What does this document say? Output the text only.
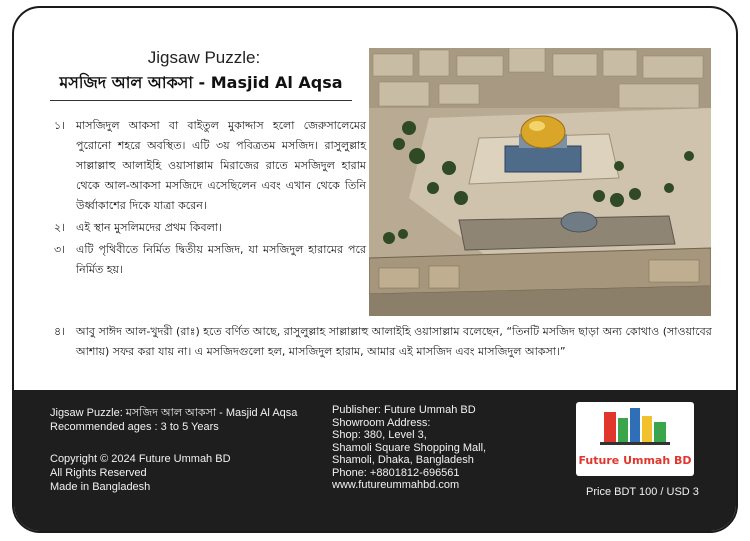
Jigsaw Puzzle:
মসজিদ আল আকসা - Masjid Al Aqsa
১। মাসজিদুল আকসা বা বাইতুল মুকাদ্দাস হলো জেরুসালেমের পুরোনো শহরে অবস্থিত। এটি ৩য় পবিত্রতম মসজিদ। রাসুলুল্লাহ সাল্লাল্লাহু আলাইহি ওয়াসাল্লাম মিরাজের রাতে মসজিদুল হারাম থেকে আল-আকসা মসজিদে এসেছিলেন এবং এখান থেকে তিনি উর্ধ্বাকাশের দিকে যাত্রা করেন।
২। এই স্থান মুসলিমদের প্রথম কিবলা।
৩। এটি পৃথিবীতে নির্মিত দ্বিতীয় মসজিদ, যা মসজিদুল হারামের পরে নির্মিত হয়।
৪। আবু সাঈদ আল-খুদরী (রাঃ) হতে বর্ণিত আছে, রাসুলুল্লাহ সাল্লাল্লাহু আলাইহি ওয়াসাল্লাম বলেছেন, “তিনটি মসজিদ ছাড়া অন্য কোথাও (সাওয়াবের আশায়) সফর করা যায় না। এ মসজিদগুলো হল, মাসজিদুল হারাম, আমার এই মাসজিদ এবং মাসজিদুল আকসা।”
Jigsaw Puzzle: মসজিদ আল আকসা - Masjid Al Aqsa
Recommended ages : 3 to 5 Years
Copyright © 2024 Future Ummah BD
All Rights Reserved
Made in Bangladesh
Publisher: Future Ummah BD
Showroom Address:
Shop: 380, Level 3,
Shamoli Square Shopping Mall,
Shamoli, Dhaka, Bangladesh
Phone: +8801812-696561
www.futureummahbd.com
Future Ummah BD
Price BDT 100 / USD 3
